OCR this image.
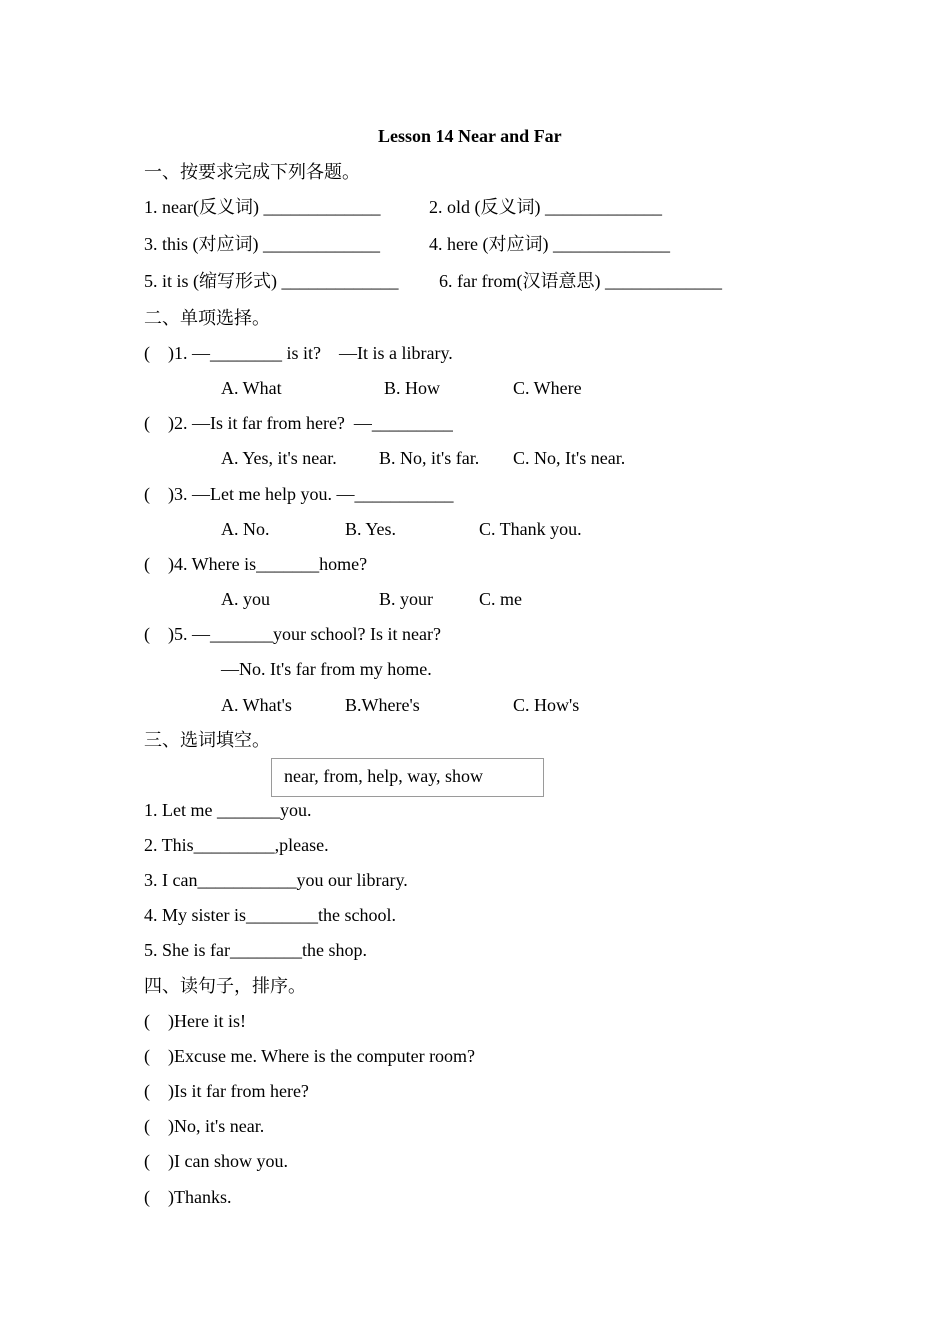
Lesson 14 Near and Far
一、按要求完成下列各题。
1. near(反义词) _____________	2. old (反义词) _____________
3. this (对应词) _____________	4. here (对应词) _____________
5. it is (缩写形式) _____________ 6. far from(汉语意思) _____________
二、单项选择。
(    )1. —________ is it?    —It is a library.
A. What	B. How	C. Where
(    )2. —Is it far from here?  —_________
A. Yes, it's near. B. No, it's far. C. No, It's near.
(    )3. —Let me help you. —___________
A. No.	B. Yes.	C. Thank you.
(    )4. Where is_______home?
A. you	B. your	C. me
(    )5. —_______your school? Is it near?
—No. It's far from my home.
A. What's	B.Where's	C. How's
三、选词填空。
near, from, help, way, show
1. Let me _______you.
2. This_________,please.
3. I can___________you our library.
4. My sister is________the school.
5. She is far________the shop.
四、读句子，排序。
(    )Here it is!
(    )Excuse me. Where is the computer room?
(    )Is it far from here?
(    )No, it's near.
(    )I can show you.
(    )Thanks.
